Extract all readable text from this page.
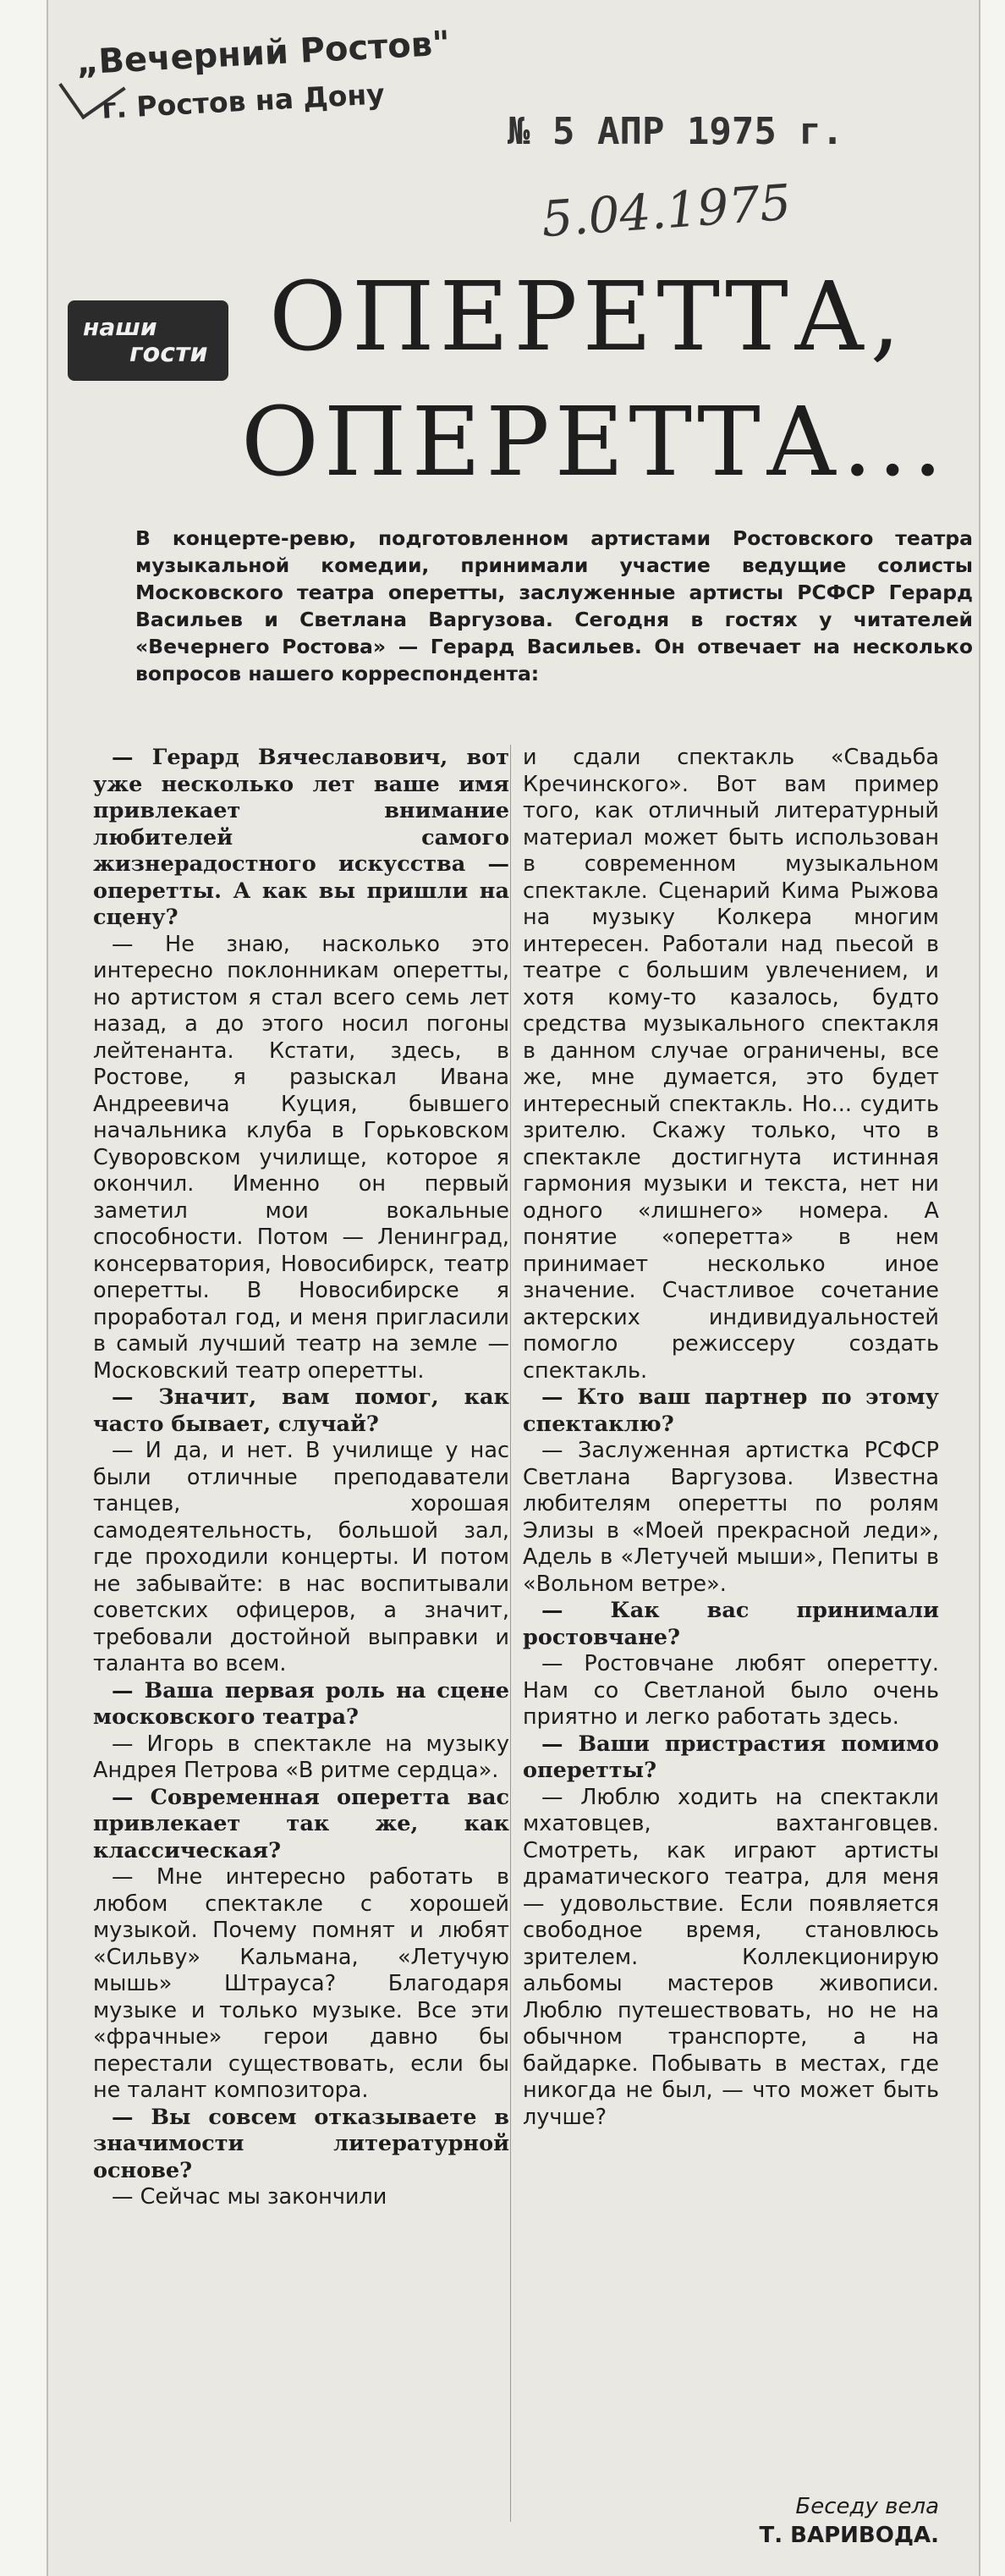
„Вечерний Ростов"
г. Ростов на Дону
№ 5 АПР 1975 г.
5.04.1975
наши
гости ОПЕРЕТТА,
ОПЕРЕТТА...

В концерте-ревю, подготовленном артистами Ростовского театра музыкальной комедии, принимали участие ведущие солисты Московского театра оперетты, заслуженные артисты РСФСР Герард Васильев и Светлана Варгузова. Сегодня в гостях у читателей «Вечернего Ростова» — Герард Васильев. Он отвечает на несколько вопросов нашего корреспондента:

— Герард Вячеславович, вот уже несколько лет ваше имя привлекает внимание любителей самого жизнерадостного искусства — оперетты. А как вы пришли на сцену?

— Не знаю, насколько это интересно поклонникам оперетты, но артистом я стал всего семь лет назад, а до этого носил погоны лейтенанта. Кстати, здесь, в Ростове, я разыскал Ивана Андреевича Куция, бывшего начальника клуба в Горьковском Суворовском училище, которое я окончил. Именно он первый заметил мои вокальные способности. Потом — Ленинград, консерватория, Новосибирск, театр оперетты. В Новосибирске я проработал год, и меня пригласили в самый лучший театр на земле — Московский театр оперетты.

— Значит, вам помог, как часто бывает, случай?

— И да, и нет. В училище у нас были отличные преподаватели танцев, хорошая самодеятельность, большой зал, где проходили концерты. И потом не забывайте: в нас воспитывали советских офицеров, а значит, требовали достойной выправки и таланта во всем.

— Ваша первая роль на сцене московского театра?

— Игорь в спектакле на музыку Андрея Петрова «В ритме сердца».

— Современная оперетта вас привлекает так же, как классическая?

— Мне интересно работать в любом спектакле с хорошей музыкой. Почему помнят и любят «Сильву» Кальмана, «Летучую мышь» Штрауса? Благодаря музыке и только музыке. Все эти «фрачные» герои давно бы перестали существовать, если бы не талант композитора.

— Вы совсем отказываете в значимости литературной основе?

— Сейчас мы закончили

и сдали спектакль «Свадьба Кречинского». Вот вам пример того, как отличный литературный материал может быть использован в современном музыкальном спектакле. Сценарий Кима Рыжова на музыку Колкера многим интересен. Работали над пьесой в театре с большим увлечением, и хотя кому-то казалось, будто средства музыкального спектакля в данном случае ограничены, все же, мне думается, это будет интересный спектакль. Но... судить зрителю. Скажу только, что в спектакле достигнута истинная гармония музыки и текста, нет ни одного «лишнего» номера. А понятие «оперетта» в нем принимает несколько иное значение. Счастливое сочетание актерских индивидуальностей помогло режиссеру создать спектакль.

— Кто ваш партнер по этому спектаклю?

— Заслуженная артистка РСФСР Светлана Варгузова. Известна любителям оперетты по ролям Элизы в «Моей прекрасной леди», Адель в «Летучей мыши», Пепиты в «Вольном ветре».

— Как вас принимали ростовчане?

— Ростовчане любят оперетту. Нам со Светланой было очень приятно и легко работать здесь.

— Ваши пристрастия помимо оперетты?

— Люблю ходить на спектакли мхатовцев, вахтанговцев. Смотреть, как играют артисты драматического театра, для меня — удовольствие. Если появляется свободное время, становлюсь зрителем. Коллекционирую альбомы мастеров живописи. Люблю путешествовать, но не на обычном транспорте, а на байдарке. Побывать в местах, где никогда не был, — что может быть лучше?

Беседу вела
Т. ВАРИВОДА.
